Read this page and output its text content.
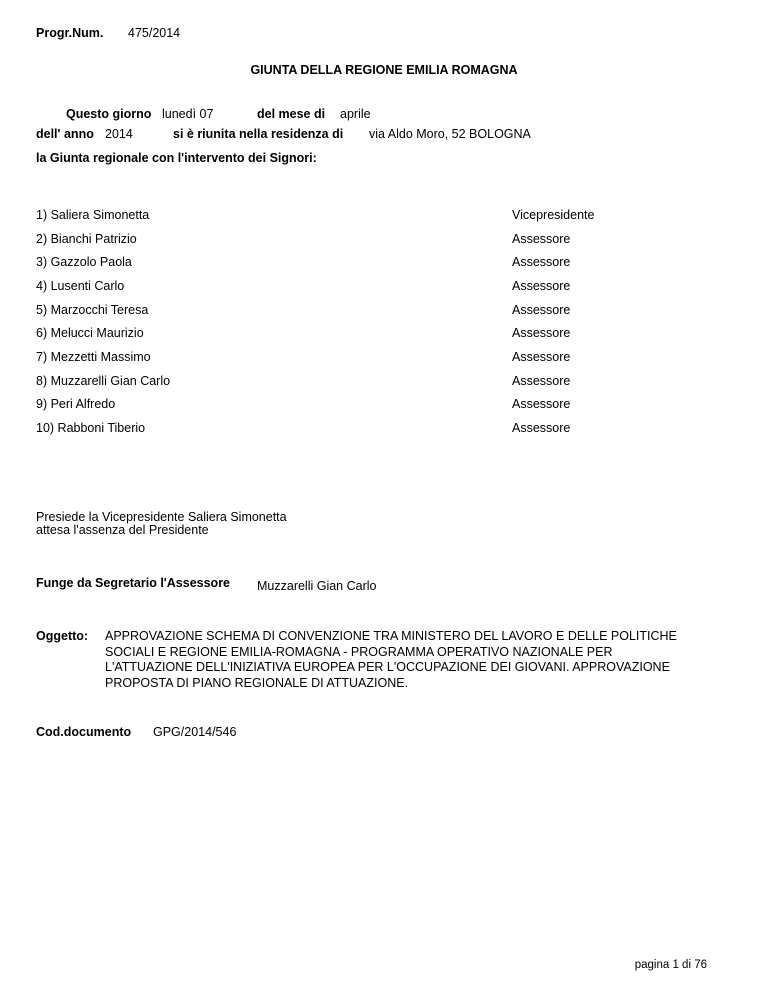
Progr.Num. 475/2014
GIUNTA DELLA REGIONE EMILIA ROMAGNA
Questo giorno lunedì 07	del mese di aprile
dell' anno 2014	si è riunita nella residenza di via Aldo Moro, 52 BOLOGNA
la Giunta regionale con l'intervento dei Signori:
1) Saliera Simonetta	Vicepresidente
2) Bianchi Patrizio	Assessore
3) Gazzolo Paola	Assessore
4) Lusenti Carlo	Assessore
5) Marzocchi Teresa	Assessore
6) Melucci Maurizio	Assessore
7) Mezzetti Massimo	Assessore
8) Muzzarelli Gian Carlo	Assessore
9) Peri Alfredo	Assessore
10) Rabboni Tiberio	Assessore
Presiede la Vicepresidente Saliera Simonetta
attesa l'assenza del Presidente
Funge da Segretario l'Assessore Muzzarelli Gian Carlo
Oggetto: APPROVAZIONE SCHEMA DI CONVENZIONE TRA MINISTERO DEL LAVORO E DELLE POLITICHE
SOCIALI E REGIONE EMILIA-ROMAGNA - PROGRAMMA OPERATIVO NAZIONALE PER
L'ATTUAZIONE DELL'INIZIATIVA EUROPEA PER L'OCCUPAZIONE DEI GIOVANI. APPROVAZIONE
PROPOSTA DI PIANO REGIONALE DI ATTUAZIONE.
Cod.documento GPG/2014/546
pagina 1 di 76
